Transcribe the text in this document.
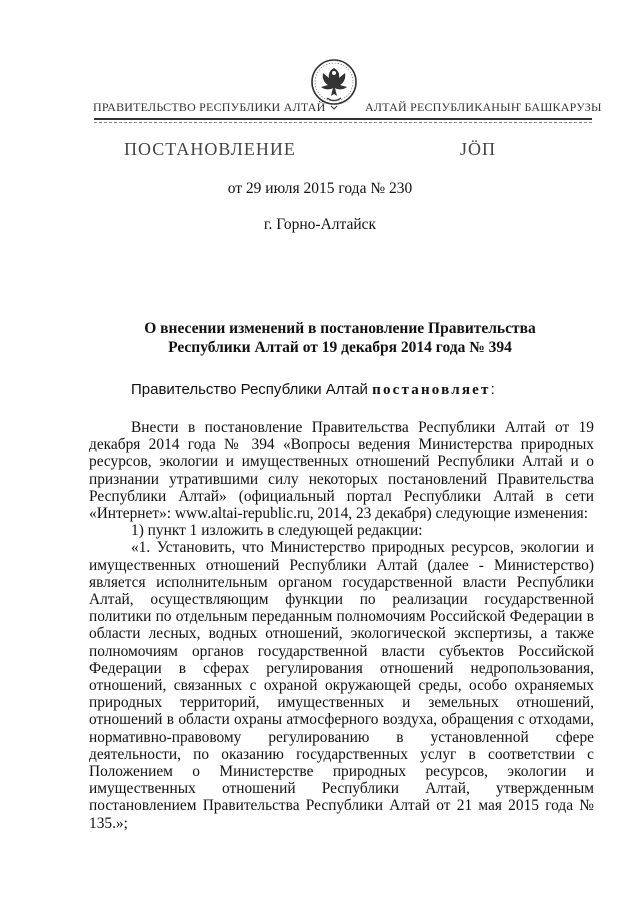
ПРАВИТЕЛЬСТВО РЕСПУБЛИКИ АЛТАЙ	АЛТАЙ РЕСПУБЛИКАНЫҤ БАШКАРУЗЫ
ПОСТАНОВЛЕНИЕ	JÖП
от 29 июля 2015 года № 230
г. Горно-Алтайск
О внесении изменений в постановление Правительства
Республики Алтай от 19 декабря 2014 года № 394
Правительство Республики Алтай постановляет:

Внести в постановление Правительства Республики Алтай от 19 декабря 2014 года № 394 «Вопросы ведения Министерства природных ресурсов, экологии и имущественных отношений Республики Алтай и о признании утратившими силу некоторых постановлений Правительства Республики Алтай» (официальный портал Республики Алтай в сети «Интернет»: www.altai-republic.ru, 2014, 23 декабря) следующие изменения:

1) пункт 1 изложить в следующей редакции:

«1. Установить, что Министерство природных ресурсов, экологии и имущественных отношений Республики Алтай (далее - Министерство) является исполнительным органом государственной власти Республики Алтай, осуществляющим функции по реализации государственной политики по отдельным переданным полномочиям Российской Федерации в области лесных, водных отношений, экологической экспертизы, а также полномочиям органов государственной власти субъектов Российской Федерации в сферах регулирования отношений недропользования, отношений, связанных с охраной окружающей среды, особо охраняемых природных территорий, имущественных и земельных отношений, отношений в области охраны атмосферного воздуха, обращения с отходами, нормативно-правовому регулированию в установленной сфере деятельности, по оказанию государственных услуг в соответствии с Положением о Министерстве природных ресурсов, экологии и имущественных отношений Республики Алтай, утвержденным постановлением Правительства Республики Алтай от 21 мая 2015 года № 135.»;
